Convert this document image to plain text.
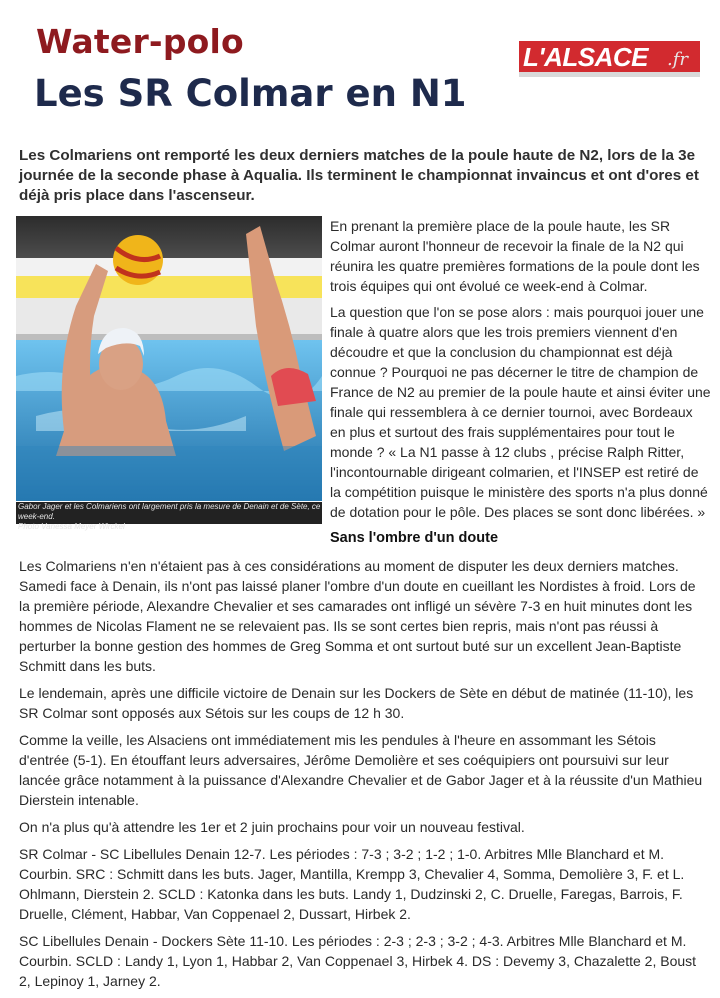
Water-polo
Les SR Colmar en N1
L'ALSACE .fr
Les Colmariens ont remporté les deux derniers matches de la poule haute de N2, lors de la 3e journée de la seconde phase à Aqualia. Ils terminent le championnat invaincus et ont d'ores et déjà pris place dans l'ascenseur.
Gabor Jager et les Colmariens ont largement pris la mesure de Denain et de Sète, ce week-end.
Photo Vanessa Meyer Wirckel

En prenant la première place de la poule haute, les SR Colmar auront l'honneur de recevoir la finale de la N2 qui réunira les quatre premières formations de la poule dont les trois équipes qui ont évolué ce week-end à Colmar.

La question que l'on se pose alors : mais pourquoi jouer une finale à quatre alors que les trois premiers viennent d'en découdre et que la conclusion du championnat est déjà connue ? Pourquoi ne pas décerner le titre de champion de France de N2 au premier de la poule haute et ainsi éviter une finale qui ressemblera à ce dernier tournoi, avec Bordeaux en plus et surtout des frais supplémentaires pour tout le monde ? « La N1 passe à 12 clubs , précise Ralph Ritter, l'incontournable dirigeant colmarien, et l'INSEP est retiré de la compétition puisque le ministère des sports n'a plus donné de dotation pour le pôle. Des places se sont donc libérées. »

Sans l'ombre d'un doute

Les Colmariens n'en n'étaient pas à ces considérations au moment de disputer les deux derniers matches. Samedi face à Denain, ils n'ont pas laissé planer l'ombre d'un doute en cueillant les Nordistes à froid. Lors de la première période, Alexandre Chevalier et ses camarades ont infligé un sévère 7-3 en huit minutes dont les hommes de Nicolas Flament ne se relevaient pas. Ils se sont certes bien repris, mais n'ont pas réussi à perturber la bonne gestion des hommes de Greg Somma et ont surtout buté sur un excellent Jean-Baptiste Schmitt dans les buts.

Le lendemain, après une difficile victoire de Denain sur les Dockers de Sète en début de matinée (11-10), les SR Colmar sont opposés aux Sétois sur les coups de 12 h 30.

Comme la veille, les Alsaciens ont immédiatement mis les pendules à l'heure en assommant les Sétois d'entrée (5-1). En étouffant leurs adversaires, Jérôme Demolière et ses coéquipiers ont poursuivi sur leur lancée grâce notamment à la puissance d'Alexandre Chevalier et de Gabor Jager et à la réussite d'un Mathieu Dierstein intenable.

On n'a plus qu'à attendre les 1er et 2 juin prochains pour voir un nouveau festival.

SR Colmar - SC Libellules Denain 12-7. Les périodes : 7-3 ; 3-2 ; 1-2 ; 1-0. Arbitres Mlle Blanchard et M. Courbin. SRC : Schmitt dans les buts. Jager, Mantilla, Krempp 3, Chevalier 4, Somma, Demolière 3, F. et L. Ohlmann, Dierstein 2. SCLD : Katonka dans les buts. Landy 1, Dudzinski 2, C. Druelle, Faregas, Barrois, F. Druelle, Clément, Habbar, Van Coppenael 2, Dussart, Hirbek 2.

SC Libellules Denain - Dockers Sète 11-10. Les périodes : 2-3 ; 2-3 ; 3-2 ; 4-3. Arbitres Mlle Blanchard et M. Courbin. SCLD : Landy 1, Lyon 1, Habbar 2, Van Coppenael 3, Hirbek 4. DS : Devemy 3, Chazalette 2, Boust 2, Lepinoy 1, Jarney 2.
